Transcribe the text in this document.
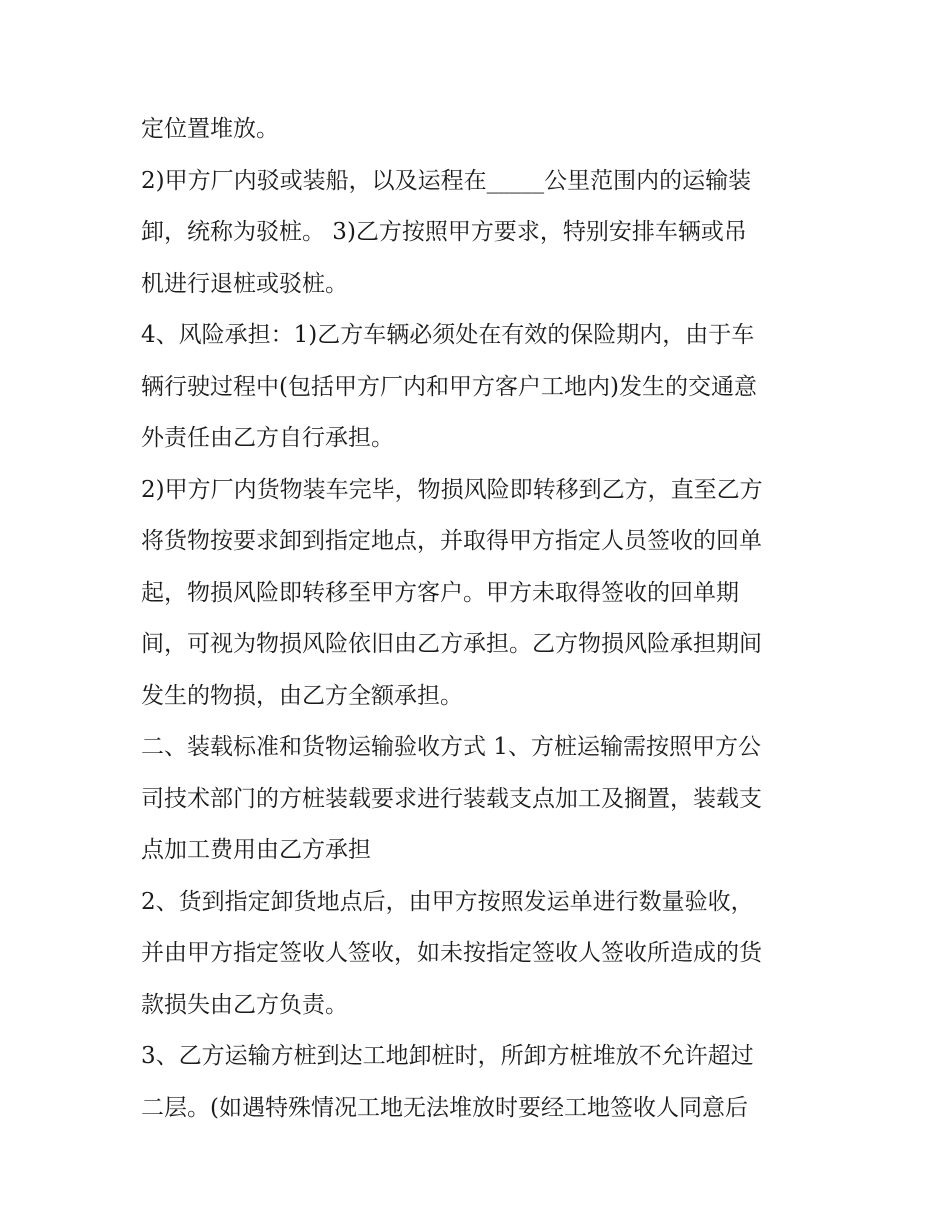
定位置堆放。
2)甲方厂内驳或装船，以及运程在_____公里范围内的运输装
卸，统称为驳桩。 3)乙方按照甲方要求，特别安排车辆或吊
机进行退桩或驳桩。
4、风险承担：1)乙方车辆必须处在有效的保险期内，由于车
辆行驶过程中(包括甲方厂内和甲方客户工地内)发生的交通意
外责任由乙方自行承担。
2)甲方厂内货物装车完毕，物损风险即转移到乙方，直至乙方
将货物按要求卸到指定地点，并取得甲方指定人员签收的回单
起，物损风险即转移至甲方客户。甲方未取得签收的回单期
间，可视为物损风险依旧由乙方承担。乙方物损风险承担期间
发生的物损，由乙方全额承担。
二、装载标准和货物运输验收方式 1、方桩运输需按照甲方公
司技术部门的方桩装载要求进行装载支点加工及搁置，装载支
点加工费用由乙方承担
2、货到指定卸货地点后，由甲方按照发运单进行数量验收，
并由甲方指定签收人签收，如未按指定签收人签收所造成的货
款损失由乙方负责。
3、乙方运输方桩到达工地卸桩时，所卸方桩堆放不允许超过
二层。(如遇特殊情况工地无法堆放时要经工地签收人同意后
